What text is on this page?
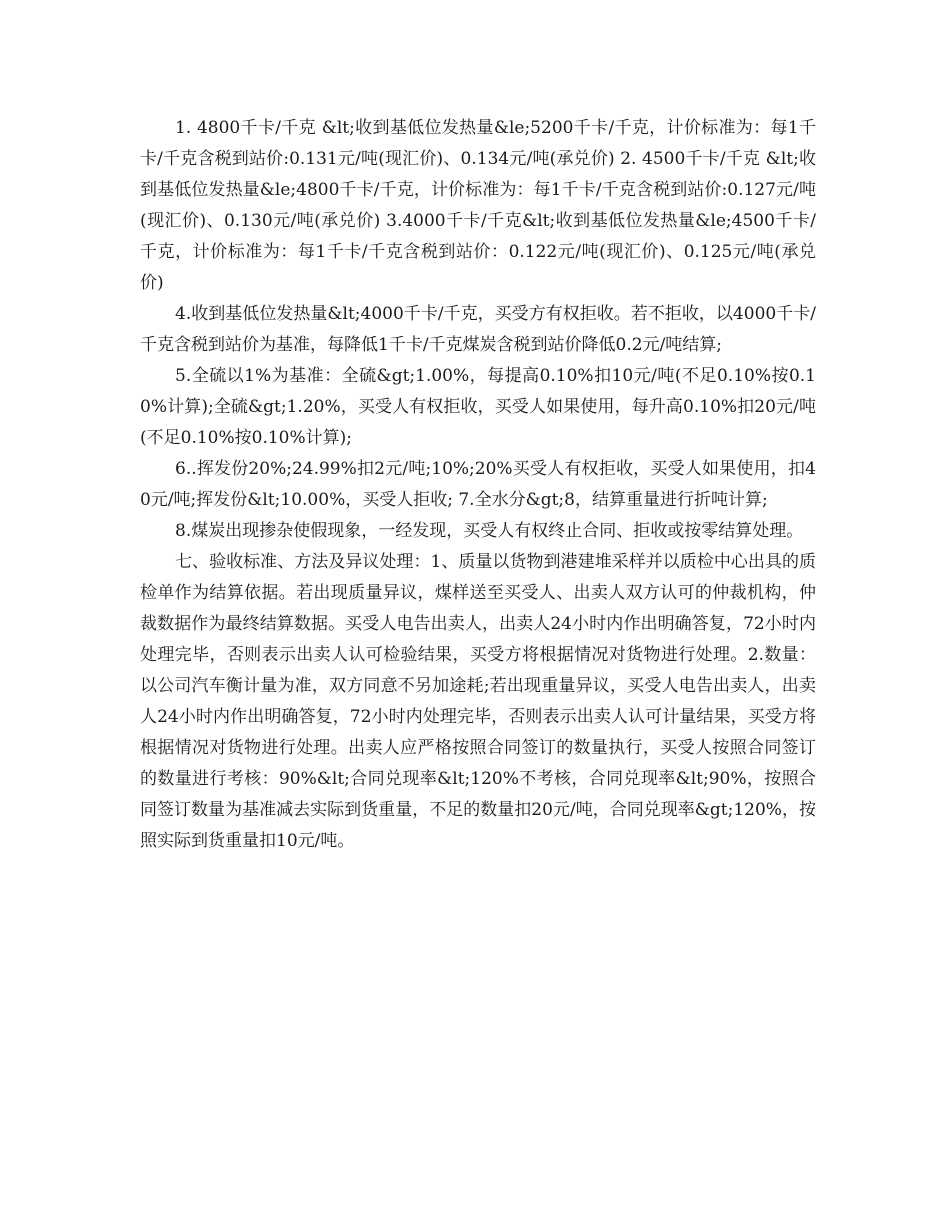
1. 4800千卡/千克 &lt;收到基低位发热量&le;5200千卡/千克，计价标准为：每1千卡/千克含税到站价:0.131元/吨(现汇价)、0.134元/吨(承兑价) 2. 4500千卡/千克 &lt;收到基低位发热量&le;4800千卡/千克，计价标准为：每1千卡/千克含税到站价:0.127元/吨(现汇价)、0.130元/吨(承兑价) 3.4000千卡/千克&lt;收到基低位发热量&le;4500千卡/千克，计价标准为：每1千卡/千克含税到站价：0.122元/吨(现汇价)、0.125元/吨(承兑价)

4.收到基低位发热量&lt;4000千卡/千克，买受方有权拒收。若不拒收，以4000千卡/千克含税到站价为基准，每降低1千卡/千克煤炭含税到站价降低0.2元/吨结算;

5.全硫以1%为基准：全硫&gt;1.00%，每提高0.10%扣10元/吨(不足0.10%按0.10%计算);全硫&gt;1.20%，买受人有权拒收，买受人如果使用，每升高0.10%扣20元/吨(不足0.10%按0.10%计算);

6..挥发份20%;24.99%扣2元/吨;10%;20%买受人有权拒收，买受人如果使用，扣40元/吨;挥发份&lt;10.00%，买受人拒收; 7.全水分&gt;8，结算重量进行折吨计算;

8.煤炭出现掺杂使假现象，一经发现，买受人有权终止合同、拒收或按零结算处理。

七、验收标准、方法及异议处理：1、质量以货物到港建堆采样并以质检中心出具的质检单作为结算依据。若出现质量异议，煤样送至买受人、出卖人双方认可的仲裁机构，仲裁数据作为最终结算数据。买受人电告出卖人，出卖人24小时内作出明确答复，72小时内处理完毕，否则表示出卖人认可检验结果，买受方将根据情况对货物进行处理。2.数量：以公司汽车衡计量为准，双方同意不另加途耗;若出现重量异议，买受人电告出卖人，出卖人24小时内作出明确答复，72小时内处理完毕，否则表示出卖人认可计量结果，买受方将根据情况对货物进行处理。出卖人应严格按照合同签订的数量执行，买受人按照合同签订的数量进行考核：90%&lt;合同兑现率&lt;120%不考核，合同兑现率&lt;90%，按照合同签订数量为基准减去实际到货重量，不足的数量扣20元/吨，合同兑现率&gt;120%，按照实际到货重量扣10元/吨。
